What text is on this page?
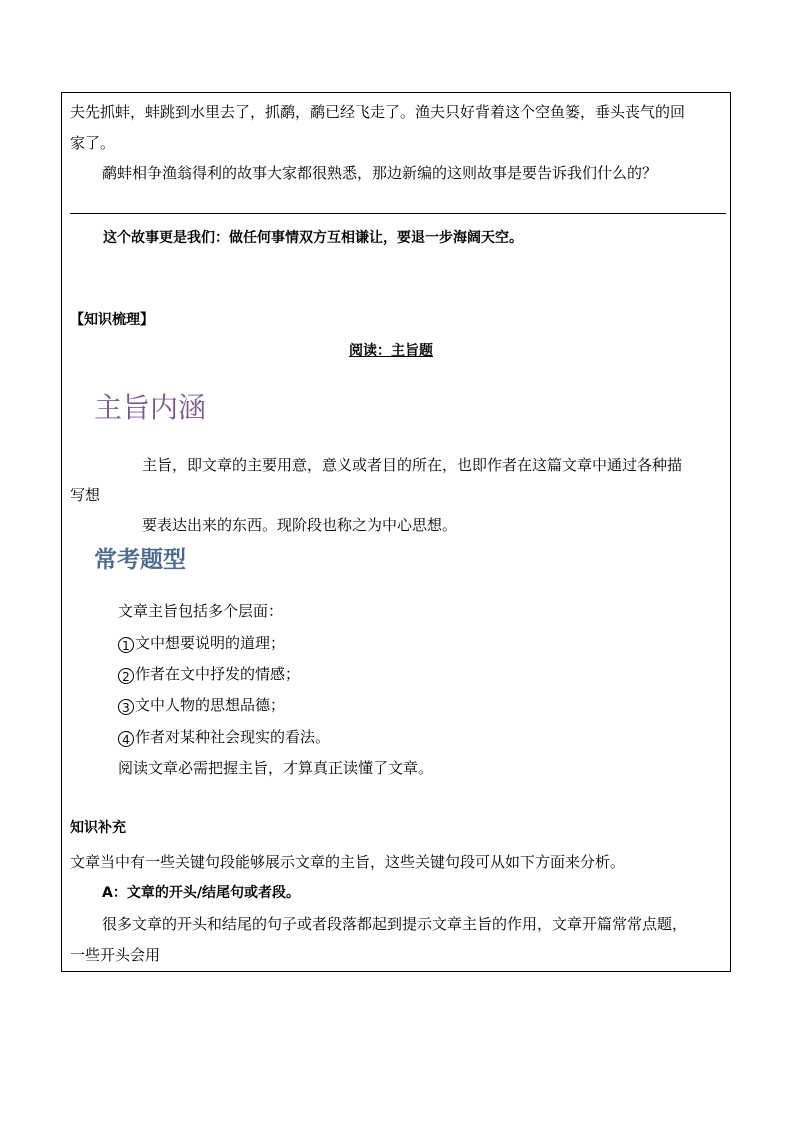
夫先抓蚌，蚌跳到水里去了，抓鹬，鹬已经飞走了。渔夫只好背着这个空鱼篓，垂头丧气的回
家了。
鹬蚌相争渔翁得利的故事大家都很熟悉，那边新编的这则故事是要告诉我们什么的？
这个故事更是我们：做任何事情双方互相谦让，要退一步海阔天空。
【知识梳理】
阅读：主旨题
主旨内涵
主旨，即文章的主要用意，意义或者目的所在，也即作者在这篇文章中通过各种描
写想
要表达出来的东西。现阶段也称之为中心思想。
常考题型
文章主旨包括多个层面：
1 文中想要说明的道理；
2 作者在文中抒发的情感；
3 文中人物的思想品德；
4 作者对某种社会现实的看法。
阅读文章必需把握主旨，才算真正读懂了文章。
知识补充
文章当中有一些关键句段能够展示文章的主旨，这些关键句段可从如下方面来分析。
A：文章的开头/结尾句或者段。
很多文章的开头和结尾的句子或者段落都起到提示文章主旨的作用，文章开篇常常点题，
一些开头会用
